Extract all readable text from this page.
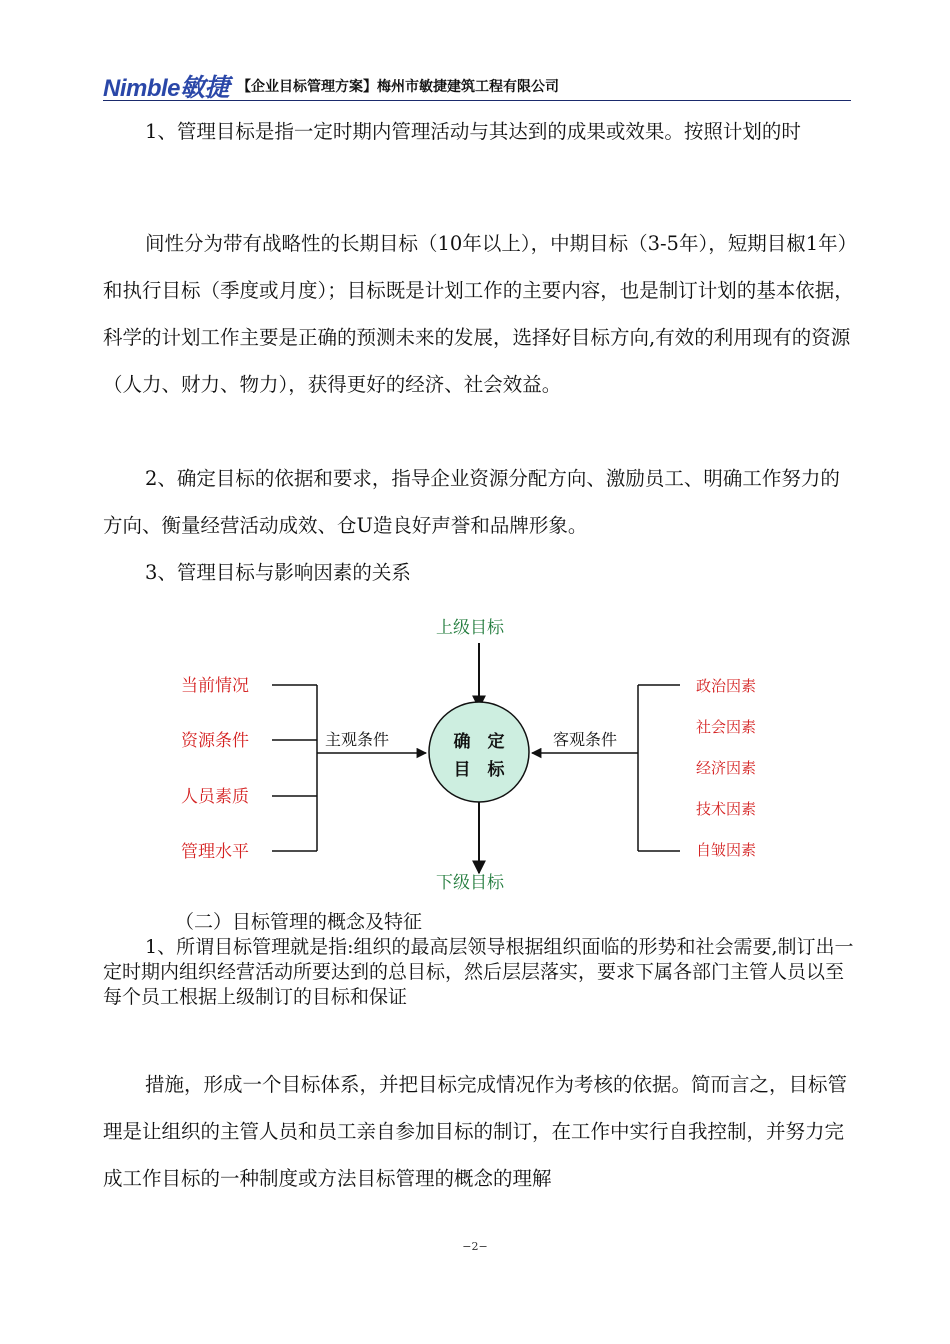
Nimble敏捷 【企业目标管理方案】梅州市敏捷建筑工程有限公司

1、管理目标是指一定时期内管理活动与其达到的成果或效果。按照计划的时

间性分为带有战略性的长期目标（10年以上），中期目标（3-5年），短期目椒1年）和执行目标（季度或月度）；目标既是计划工作的主要内容，也是制订计划的基本依据，科学的计划工作主要是正确的预测未来的发展，选择好目标方向,有效的利用现有的资源（人力、财力、物力），获得更好的经济、社会效益。

2、确定目标的依据和要求，指导企业资源分配方向、激励员工、明确工作努力的方向、衡量经营活动成效、仓U造良好声誉和品牌形象。

3、管理目标与影响因素的关系

上级目标
确　定
目　标
下级目标
主观条件
当前情况
资源条件
人员素质
管理水平
客观条件
政治因素
社会因素
经济因素
技术因素
自皱因素

（二）目标管理的概念及特征

1、所谓目标管理就是指:组织的最高层领导根据组织面临的形势和社会需要,制订出一定时期内组织经营活动所要达到的总目标，然后层层落实，要求下属各部门主管人员以至每个员工根据上级制订的目标和保证

措施，形成一个目标体系，并把目标完成情况作为考核的依据。简而言之，目标管理是让组织的主管人员和员工亲自参加目标的制订，在工作中实行自我控制，并努力完成工作目标的一种制度或方法目标管理的概念的理解

−2−
